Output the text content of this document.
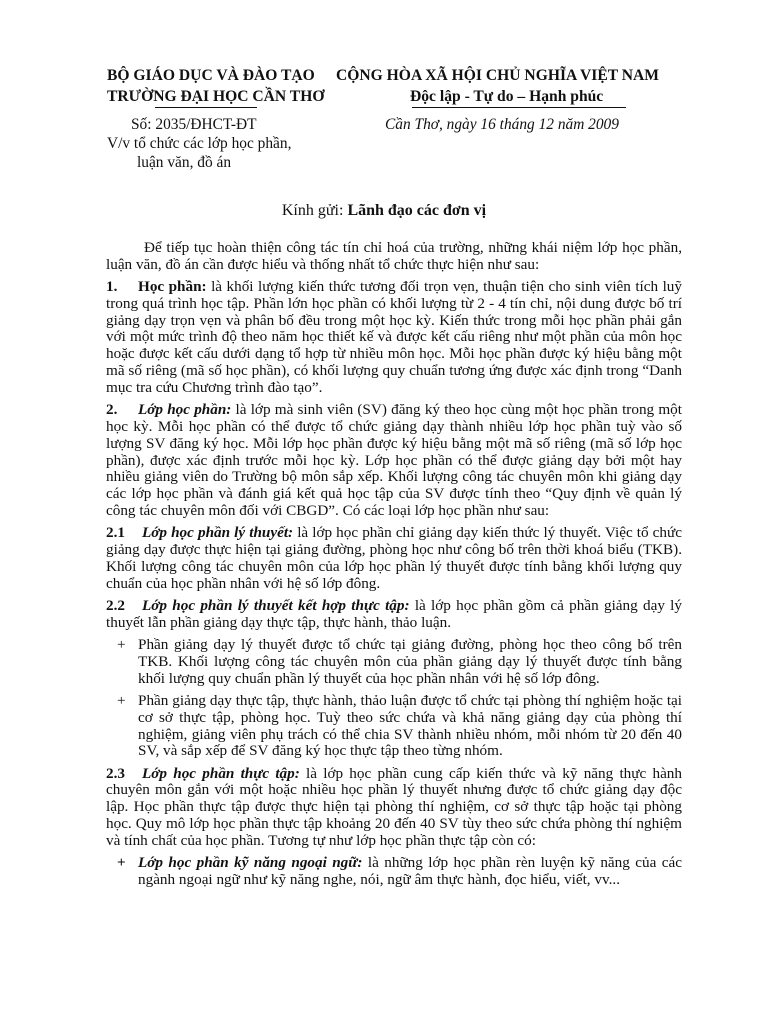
BỘ GIÁO DỤC VÀ ĐÀO TẠO
TRƯỜNG ĐẠI HỌC CẦN THƠ
CỘNG HÒA XÃ HỘI CHỦ NGHĨA VIỆT NAM
Độc lập - Tự do – Hạnh phúc
Số: 2035/ĐHCT-ĐT	Cần Thơ, ngày 16 tháng 12 năm 2009
V/v tổ chức các lớp học phần,
luận văn, đồ án
Kính gửi: Lãnh đạo các đơn vị

Để tiếp tục hoàn thiện công tác tín chỉ hoá của trường, những khái niệm lớp học phần, luận văn, đồ án cần được hiểu và thống nhất tổ chức thực hiện như sau:

1. Học phần: là khối lượng kiến thức tương đối trọn vẹn, thuận tiện cho sinh viên tích luỹ trong quá trình học tập. Phần lớn học phần có khối lượng từ 2 - 4 tín chỉ, nội dung được bố trí giảng dạy trọn vẹn và phân bố đều trong một học kỳ. Kiến thức trong mỗi học phần phải gắn với một mức trình độ theo năm học thiết kế và được kết cấu riêng như một phần của môn học hoặc được kết cấu dưới dạng tổ hợp từ nhiều môn học. Mỗi học phần được ký hiệu bằng một mã số riêng (mã số học phần), có khối lượng quy chuẩn tương ứng được xác định trong “Danh mục tra cứu Chương trình đào tạo”.

2. Lớp học phần: là lớp mà sinh viên (SV) đăng ký theo học cùng một học phần trong một học kỳ. Mỗi học phần có thể được tổ chức giảng dạy thành nhiều lớp học phần tuỳ vào số lượng SV đăng ký học. Mỗi lớp học phần được ký hiệu bằng một mã số riêng (mã số lớp học phần), được xác định trước mỗi học kỳ. Lớp học phần có thể được giảng dạy bởi một hay nhiều giảng viên do Trường bộ môn sắp xếp. Khối lượng công tác chuyên môn khi giảng dạy các lớp học phần và đánh giá kết quả học tập của SV được tính theo “Quy định về quản lý công tác chuyên môn đối với CBGD”. Có các loại lớp học phần như sau:

2.1 Lớp học phần lý thuyết: là lớp học phần chỉ giảng dạy kiến thức lý thuyết. Việc tổ chức giảng dạy được thực hiện tại giảng đường, phòng học như công bố trên thời khoá biểu (TKB). Khối lượng công tác chuyên môn của lớp học phần lý thuyết được tính bằng khối lượng quy chuẩn của học phần nhân với hệ số lớp đông.

2.2 Lớp học phần lý thuyết kết hợp thực tập: là lớp học phần gồm cả phần giảng dạy lý thuyết lẫn phần giảng dạy thực tập, thực hành, thảo luận.

+ Phần giảng dạy lý thuyết được tổ chức tại giảng đường, phòng học theo công bố trên TKB. Khối lượng công tác chuyên môn của phần giảng dạy lý thuyết được tính bằng khối lượng quy chuẩn phần lý thuyết của học phần nhân với hệ số lớp đông.
+ Phần giảng dạy thực tập, thực hành, thảo luận được tổ chức tại phòng thí nghiệm hoặc tại cơ sở thực tập, phòng học. Tuỳ theo sức chứa và khả năng giảng dạy của phòng thí nghiệm, giảng viên phụ trách có thể chia SV thành nhiều nhóm, mỗi nhóm từ 20 đến 40 SV, và sắp xếp để SV đăng ký học thực tập theo từng nhóm.

2.3 Lớp học phần thực tập: là lớp học phần cung cấp kiến thức và kỹ năng thực hành chuyên môn gắn với một hoặc nhiều học phần lý thuyết nhưng được tổ chức giảng dạy độc lập. Học phần thực tập được thực hiện tại phòng thí nghiệm, cơ sở thực tập hoặc tại phòng học. Quy mô lớp học phần thực tập khoảng 20 đến 40 SV tùy theo sức chứa phòng thí nghiệm và tính chất của học phần. Tương tự như lớp học phần thực tập còn có:

+ Lớp học phần kỹ năng ngoại ngữ: là những lớp học phần rèn luyện kỹ năng của các ngành ngoại ngữ như kỹ năng nghe, nói, ngữ âm thực hành, đọc hiểu, viết, vv...
